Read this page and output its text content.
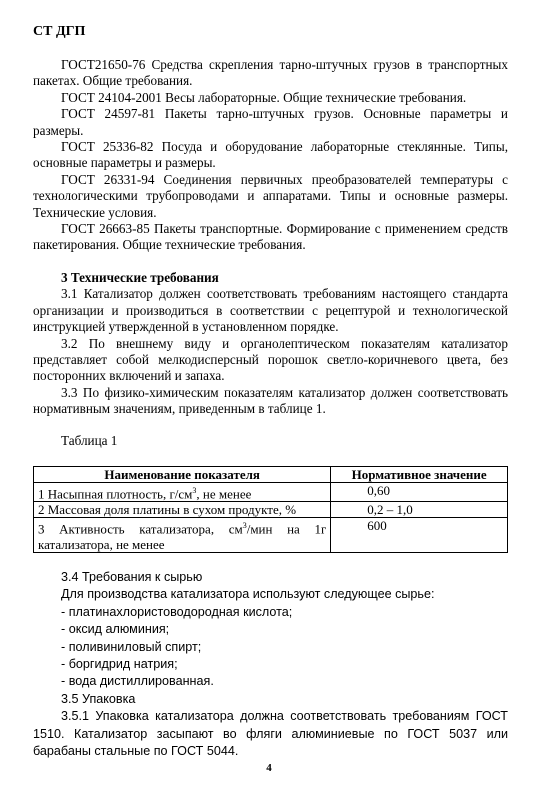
СТ ДГП

ГОСТ21650-76 Средства скрепления тарно-штучных грузов в транспортных пакетах. Общие требования.

ГОСТ 24104-2001 Весы лабораторные. Общие технические требования.

ГОСТ 24597-81 Пакеты тарно-штучных грузов. Основные параметры и размеры.

ГОСТ 25336-82 Посуда и оборудование лабораторные стеклянные. Типы, основные параметры и размеры.

ГОСТ 26331-94 Соединения первичных преобразователей температуры с технологическими трубопроводами и аппаратами. Типы и основные размеры. Технические условия.

ГОСТ 26663-85 Пакеты транспортные. Формирование с применением средств пакетирования. Общие технические требования.

3 Технические требования

3.1 Катализатор должен соответствовать требованиям настоящего стандарта организации и производиться в соответствии с рецептурой и технологической инструкцией утвержденной в установленном порядке.

3.2 По внешнему виду и органолептическом показателям катализатор представляет собой мелкодисперсный порошок светло-коричневого цвета, без посторонних включений и запаха.

3.3 По физико-химическим показателям катализатор должен соответствовать нормативным значениям, приведенным в таблице 1.

Таблица 1
Наименование показателя	Нормативное значение
1 Насыпная плотность, $г/см^3$, не менее	0,60
2 Массовая доля платины в сухом продукте, %	0,2 – 1,0
3 Активность катализатора, $см^3$/мин на 1г катализатора, не менее	600

3.4 Требования к сырью

Для производства катализатора используют следующее сырье:

- платинахлористоводородная кислота;

- оксид алюминия;

- поливиниловый спирт;

- боргидрид натрия;

- вода дистиллированная.

3.5 Упаковка

3.5.1 Упаковка катализатора должна соответствовать требованиям ГОСТ

1510. Катализатор засыпают во фляги алюминиевые по ГОСТ 5037 или барабаны стальные по ГОСТ 5044.

4
